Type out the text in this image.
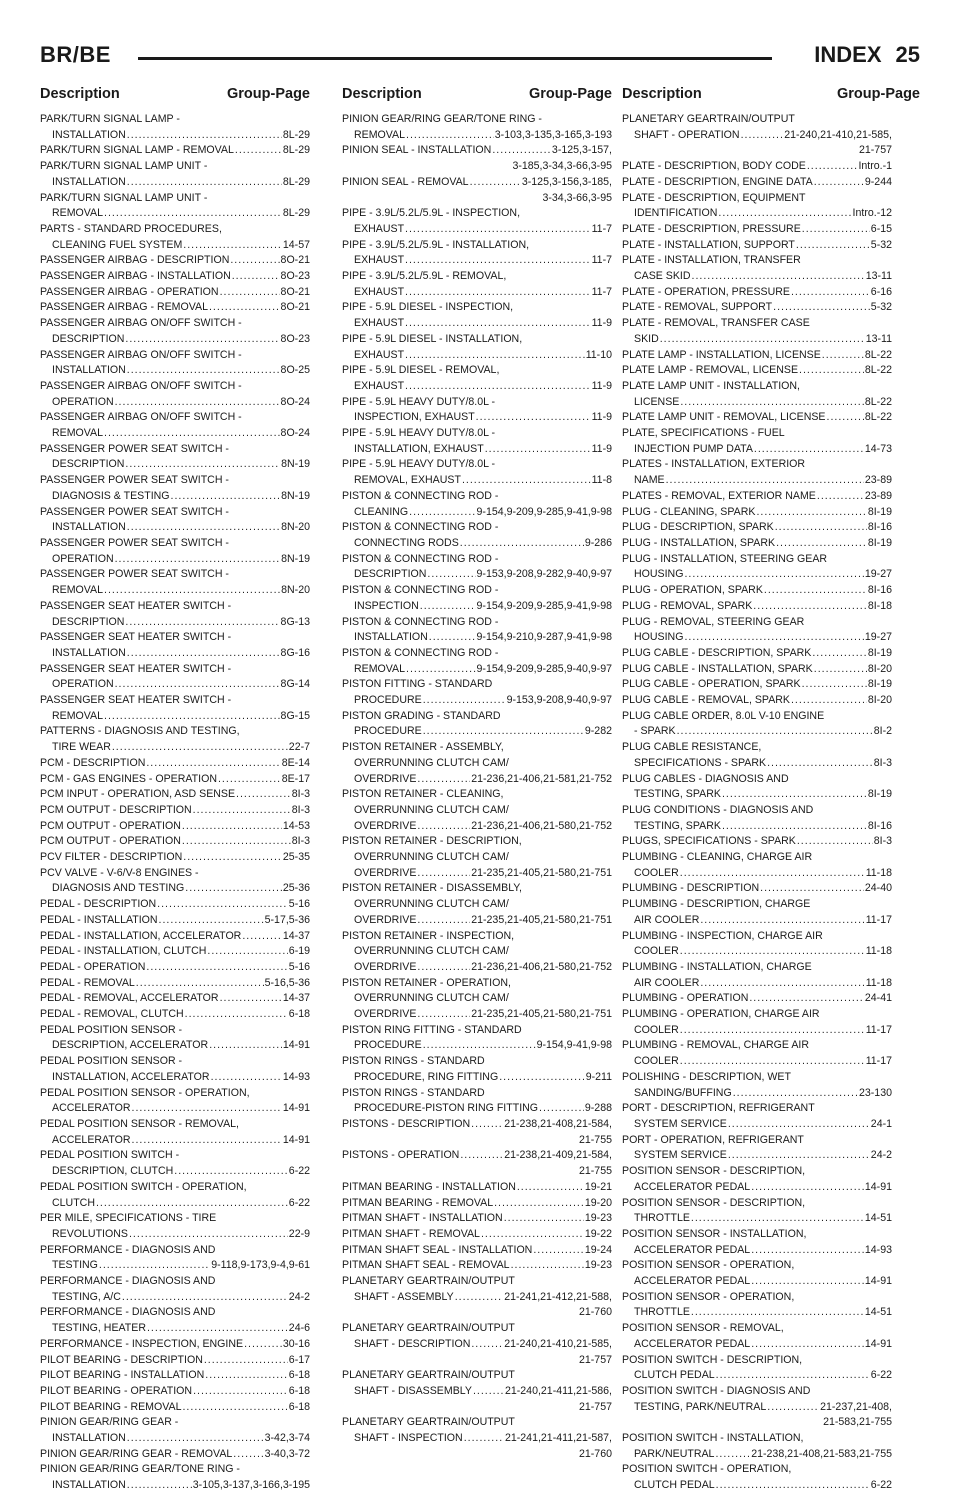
BR/BE	INDEX 25
Description	Group-Page Description	Group-Page Description	Group-Page
PARK/TURN SIGNAL LAMP -
INSTALLATION .....	8L-29
PARK/TURN SIGNAL LAMP - REMOVAL .....	8L-29
PARK/TURN SIGNAL LAMP UNIT -
INSTALLATION .....	8L-29
PARK/TURN SIGNAL LAMP UNIT -
REMOVAL .....	8L-29
PARTS - STANDARD PROCEDURES,
CLEANING FUEL SYSTEM .....	14-57
PASSENGER AIRBAG - DESCRIPTION .....	8O-21
PASSENGER AIRBAG - INSTALLATION .....	8O-23
PASSENGER AIRBAG - OPERATION .....	8O-21
PASSENGER AIRBAG - REMOVAL .....	8O-21
PASSENGER AIRBAG ON/OFF SWITCH -
DESCRIPTION .....	8O-23
PASSENGER AIRBAG ON/OFF SWITCH -
INSTALLATION .....	8O-25
PASSENGER AIRBAG ON/OFF SWITCH -
OPERATION .....	8O-24
PASSENGER AIRBAG ON/OFF SWITCH -
REMOVAL .....	8O-24
PASSENGER POWER SEAT SWITCH -
DESCRIPTION .....	8N-19
PASSENGER POWER SEAT SWITCH -
DIAGNOSIS & TESTING .....	8N-19
PASSENGER POWER SEAT SWITCH -
INSTALLATION .....	8N-20
PASSENGER POWER SEAT SWITCH -
OPERATION .....	8N-19
PASSENGER POWER SEAT SWITCH -
REMOVAL .....	8N-20
PASSENGER SEAT HEATER SWITCH -
DESCRIPTION .....	8G-13
PASSENGER SEAT HEATER SWITCH -
INSTALLATION .....	8G-16
PASSENGER SEAT HEATER SWITCH -
OPERATION .....	8G-14
PASSENGER SEAT HEATER SWITCH -
REMOVAL .....	8G-15
PATTERNS - DIAGNOSIS AND TESTING,
TIRE WEAR .....	22-7
PCM - DESCRIPTION .....	8E-14
PCM - GAS ENGINES - OPERATION .....	8E-17
PCM INPUT - OPERATION, ASD SENSE .....	8I-3
PCM OUTPUT - DESCRIPTION .....	8I-3
PCM OUTPUT - OPERATION .....	14-53
PCM OUTPUT - OPERATION .....	8I-3
PCV FILTER - DESCRIPTION .....	25-35
PCV VALVE - V-6/V-8 ENGINES -
DIAGNOSIS AND TESTING .....	25-36
PEDAL - DESCRIPTION .....	5-16
PEDAL - INSTALLATION .....	5-17,5-36
PEDAL - INSTALLATION, ACCELERATOR .....	14-37
PEDAL - INSTALLATION, CLUTCH .....	6-19
PEDAL - OPERATION .....	5-16
PEDAL - REMOVAL .....	5-16,5-36
PEDAL - REMOVAL, ACCELERATOR .....	14-37
PEDAL - REMOVAL, CLUTCH .....	6-18
PEDAL POSITION SENSOR -
DESCRIPTION, ACCELERATOR .....	14-91
PEDAL POSITION SENSOR -
INSTALLATION, ACCELERATOR .....	14-93
PEDAL POSITION SENSOR - OPERATION,
ACCELERATOR .....	14-91
PEDAL POSITION SENSOR - REMOVAL,
ACCELERATOR .....	14-91
PEDAL POSITION SWITCH -
DESCRIPTION, CLUTCH .....	6-22
PEDAL POSITION SWITCH - OPERATION,
CLUTCH .....	6-22
PER MILE, SPECIFICATIONS - TIRE
REVOLUTIONS .....	22-9
PERFORMANCE - DIAGNOSIS AND
TESTING .....	9-118,9-173,9-4,9-61
PERFORMANCE - DIAGNOSIS AND
TESTING, A/C .....	24-2
PERFORMANCE - DIAGNOSIS AND
TESTING, HEATER .....	24-6
PERFORMANCE - INSPECTION, ENGINE .....	30-16
PILOT BEARING - DESCRIPTION .....	6-17
PILOT BEARING - INSTALLATION .....	6-18
PILOT BEARING - OPERATION .....	6-18
PILOT BEARING - REMOVAL .....	6-18
PINION GEAR/RING GEAR -
INSTALLATION .....	3-42,3-74
PINION GEAR/RING GEAR - REMOVAL .....	3-40,3-72
PINION GEAR/RING GEAR/TONE RING -
INSTALLATION .....	3-105,3-137,3-166,3-195
PINION GEAR/RING GEAR/TONE RING -
REMOVAL .....	3-103,3-135,3-165,3-193
PINION SEAL - INSTALLATION .....	3-125,3-157,
3-185,3-34,3-66,3-95
PINION SEAL - REMOVAL .....	3-125,3-156,3-185,
3-34,3-66,3-95
PIPE - 3.9L/5.2L/5.9L - INSPECTION,
EXHAUST .....	11-7
PIPE - 3.9L/5.2L/5.9L - INSTALLATION,
EXHAUST .....	11-7
PIPE - 3.9L/5.2L/5.9L - REMOVAL,
EXHAUST .....	11-7
PIPE - 5.9L DIESEL - INSPECTION,
EXHAUST .....	11-9
PIPE - 5.9L DIESEL - INSTALLATION,
EXHAUST .....	11-10
PIPE - 5.9L DIESEL - REMOVAL,
EXHAUST .....	11-9
PIPE - 5.9L HEAVY DUTY/8.0L -
INSPECTION, EXHAUST .....	11-9
PIPE - 5.9L HEAVY DUTY/8.0L -
INSTALLATION, EXHAUST .....	11-9
PIPE - 5.9L HEAVY DUTY/8.0L -
REMOVAL, EXHAUST .....	11-8
PISTON & CONNECTING ROD -
CLEANING .....	9-154,9-209,9-285,9-41,9-98
PISTON & CONNECTING ROD -
CONNECTING RODS .....	9-286
PISTON & CONNECTING ROD -
DESCRIPTION .....	9-153,9-208,9-282,9-40,9-97
PISTON & CONNECTING ROD -
INSPECTION .....	9-154,9-209,9-285,9-41,9-98
PISTON & CONNECTING ROD -
INSTALLATION .....	9-154,9-210,9-287,9-41,9-98
PISTON & CONNECTING ROD -
REMOVAL .....	9-154,9-209,9-285,9-40,9-97
PISTON FITTING - STANDARD
PROCEDURE .....	9-153,9-208,9-40,9-97
PISTON GRADING - STANDARD
PROCEDURE .....	9-282
PISTON RETAINER - ASSEMBLY,
OVERRUNNING CLUTCH CAM/
OVERDRIVE .....	21-236,21-406,21-581,21-752
PISTON RETAINER - CLEANING,
OVERRUNNING CLUTCH CAM/
OVERDRIVE .....	21-236,21-406,21-580,21-752
PISTON RETAINER - DESCRIPTION,
OVERRUNNING CLUTCH CAM/
OVERDRIVE .....	21-235,21-405,21-580,21-751
PISTON RETAINER - DISASSEMBLY,
OVERRUNNING CLUTCH CAM/
OVERDRIVE .....	21-235,21-405,21-580,21-751
PISTON RETAINER - INSPECTION,
OVERRUNNING CLUTCH CAM/
OVERDRIVE .....	21-236,21-406,21-580,21-752
PISTON RETAINER - OPERATION,
OVERRUNNING CLUTCH CAM/
OVERDRIVE .....	21-235,21-405,21-580,21-751
PISTON RING FITTING - STANDARD
PROCEDURE .....	9-154,9-41,9-98
PISTON RINGS - STANDARD
PROCEDURE, RING FITTING .....	9-211
PISTON RINGS - STANDARD
PROCEDURE-PISTON RING FITTING .....	9-288
PISTONS - DESCRIPTION .....	21-238,21-408,21-584,
21-755
PISTONS - OPERATION .....	21-238,21-409,21-584,
21-755
PITMAN BEARING - INSTALLATION .....	19-21
PITMAN BEARING - REMOVAL .....	19-20
PITMAN SHAFT - INSTALLATION .....	19-23
PITMAN SHAFT - REMOVAL .....	19-22
PITMAN SHAFT SEAL - INSTALLATION .....	19-24
PITMAN SHAFT SEAL - REMOVAL .....	19-23
PLANETARY GEARTRAIN/OUTPUT
SHAFT - ASSEMBLY .....	21-241,21-412,21-588,
21-760
PLANETARY GEARTRAIN/OUTPUT
SHAFT - DESCRIPTION .....	21-240,21-410,21-585,
21-757
PLANETARY GEARTRAIN/OUTPUT
SHAFT - DISASSEMBLY .....	21-240,21-411,21-586,
21-757
PLANETARY GEARTRAIN/OUTPUT
SHAFT - INSPECTION .....	21-241,21-411,21-587,
21-760
PLANETARY GEARTRAIN/OUTPUT
SHAFT - OPERATION .....	21-240,21-410,21-585,
21-757
PLATE - DESCRIPTION, BODY CODE .....	Intro.-1
PLATE - DESCRIPTION, ENGINE DATA .....	9-244
PLATE - DESCRIPTION, EQUIPMENT
IDENTIFICATION .....	Intro.-12
PLATE - DESCRIPTION, PRESSURE .....	6-15
PLATE - INSTALLATION, SUPPORT .....	5-32
PLATE - INSTALLATION, TRANSFER
CASE SKID .....	13-11
PLATE - OPERATION, PRESSURE .....	6-16
PLATE - REMOVAL, SUPPORT .....	5-32
PLATE - REMOVAL, TRANSFER CASE
SKID .....	13-11
PLATE LAMP - INSTALLATION, LICENSE .....	8L-22
PLATE LAMP - REMOVAL, LICENSE .....	8L-22
PLATE LAMP UNIT - INSTALLATION,
LICENSE .....	8L-22
PLATE LAMP UNIT - REMOVAL, LICENSE .....	8L-22
PLATE, SPECIFICATIONS - FUEL
INJECTION PUMP DATA .....	14-73
PLATES - INSTALLATION, EXTERIOR
NAME .....	23-89
PLATES - REMOVAL, EXTERIOR NAME .....	23-89
PLUG - CLEANING, SPARK .....	8I-19
PLUG - DESCRIPTION, SPARK .....	8I-16
PLUG - INSTALLATION, SPARK .....	8I-19
PLUG - INSTALLATION, STEERING GEAR
HOUSING .....	19-27
PLUG - OPERATION, SPARK .....	8I-16
PLUG - REMOVAL, SPARK .....	8I-18
PLUG - REMOVAL, STEERING GEAR
HOUSING .....	19-27
PLUG CABLE - DESCRIPTION, SPARK .....	8I-19
PLUG CABLE - INSTALLATION, SPARK .....	8I-20
PLUG CABLE - OPERATION, SPARK .....	8I-19
PLUG CABLE - REMOVAL, SPARK .....	8I-20
PLUG CABLE ORDER, 8.0L V-10 ENGINE
- SPARK .....	8I-2
PLUG CABLE RESISTANCE,
SPECIFICATIONS - SPARK .....	8I-3
PLUG CABLES - DIAGNOSIS AND
TESTING, SPARK .....	8I-19
PLUG CONDITIONS - DIAGNOSIS AND
TESTING, SPARK .....	8I-16
PLUGS, SPECIFICATIONS - SPARK .....	8I-3
PLUMBING - CLEANING, CHARGE AIR
COOLER .....	11-18
PLUMBING - DESCRIPTION .....	24-40
PLUMBING - DESCRIPTION, CHARGE
AIR COOLER .....	11-17
PLUMBING - INSPECTION, CHARGE AIR
COOLER .....	11-18
PLUMBING - INSTALLATION, CHARGE
AIR COOLER .....	11-18
PLUMBING - OPERATION .....	24-41
PLUMBING - OPERATION, CHARGE AIR
COOLER .....	11-17
PLUMBING - REMOVAL, CHARGE AIR
COOLER .....	11-17
POLISHING - DESCRIPTION, WET
SANDING/BUFFING .....	23-130
PORT - DESCRIPTION, REFRIGERANT
SYSTEM SERVICE .....	24-1
PORT - OPERATION, REFRIGERANT
SYSTEM SERVICE .....	24-2
POSITION SENSOR - DESCRIPTION,
ACCELERATOR PEDAL .....	14-91
POSITION SENSOR - DESCRIPTION,
THROTTLE .....	14-51
POSITION SENSOR - INSTALLATION,
ACCELERATOR PEDAL .....	14-93
POSITION SENSOR - OPERATION,
ACCELERATOR PEDAL .....	14-91
POSITION SENSOR - OPERATION,
THROTTLE .....	14-51
POSITION SENSOR - REMOVAL,
ACCELERATOR PEDAL .....	14-91
POSITION SWITCH - DESCRIPTION,
CLUTCH PEDAL .....	6-22
POSITION SWITCH - DIAGNOSIS AND
TESTING, PARK/NEUTRAL .....	21-237,21-408,
21-583,21-755
POSITION SWITCH - INSTALLATION,
PARK/NEUTRAL .....	21-238,21-408,21-583,21-755
POSITION SWITCH - OPERATION,
CLUTCH PEDAL .....	6-22
